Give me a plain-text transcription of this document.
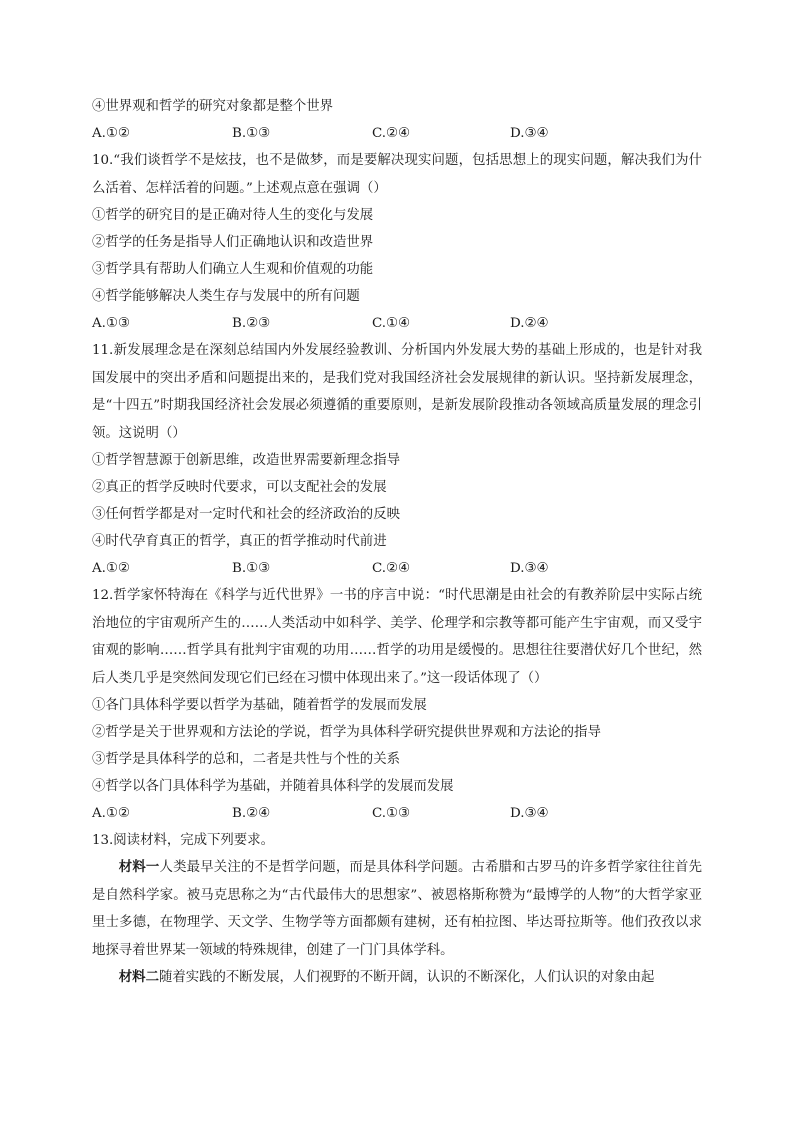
④世界观和哲学的研究对象都是整个世界
A.①②	B.①③	C.②④	D.③④
10.“我们谈哲学不是炫技，也不是做梦，而是要解决现实问题，包括思想上的现实问题，解决我们为什么活着、怎样活着的问题。”上述观点意在强调（）
①哲学的研究目的是正确对待人生的变化与发展
②哲学的任务是指导人们正确地认识和改造世界
③哲学具有帮助人们确立人生观和价值观的功能
④哲学能够解决人类生存与发展中的所有问题
A.①③	B.②③	C.①④	D.②④
11.新发展理念是在深刻总结国内外发展经验教训、分析国内外发展大势的基础上形成的，也是针对我国发展中的突出矛盾和问题提出来的，是我们党对我国经济社会发展规律的新认识。坚持新发展理念，是“十四五”时期我国经济社会发展必须遵循的重要原则，是新发展阶段推动各领域高质量发展的理念引领。这说明（）
①哲学智慧源于创新思维，改造世界需要新理念指导
②真正的哲学反映时代要求，可以支配社会的发展
③任何哲学都是对一定时代和社会的经济政治的反映
④时代孕育真正的哲学，真正的哲学推动时代前进
A.①②	B.①③	C.②④	D.③④
12.哲学家怀特海在《科学与近代世界》一书的序言中说：“时代思潮是由社会的有教养阶层中实际占统治地位的宇宙观所产生的……人类活动中如科学、美学、伦理学和宗教等都可能产生宇宙观，而又受宇宙观的影响……哲学具有批判宇宙观的功用……哲学的功用是缓慢的。思想往往要潜伏好几个世纪，然后人类几乎是突然间发现它们已经在习惯中体现出来了。”这一段话体现了（）
①各门具体科学要以哲学为基础，随着哲学的发展而发展
②哲学是关于世界观和方法论的学说，哲学为具体科学研究提供世界观和方法论的指导
③哲学是具体科学的总和，二者是共性与个性的关系
④哲学以各门具体科学为基础，并随着具体科学的发展而发展
A.①②	B.②④	C.①③	D.③④
13.阅读材料，完成下列要求。
材料一人类最早关注的不是哲学问题，而是具体科学问题。古希腊和古罗马的许多哲学家往往首先是自然科学家。被马克思称之为“古代最伟大的思想家”、被恩格斯称赞为“最博学的人物”的大哲学家亚里士多德，在物理学、天文学、生物学等方面都颇有建树，还有柏拉图、毕达哥拉斯等。他们孜孜以求地探寻着世界某一领域的特殊规律，创建了一门门具体学科。
材料二随着实践的不断发展，人们视野的不断开阔，认识的不断深化，人们认识的对象由起
